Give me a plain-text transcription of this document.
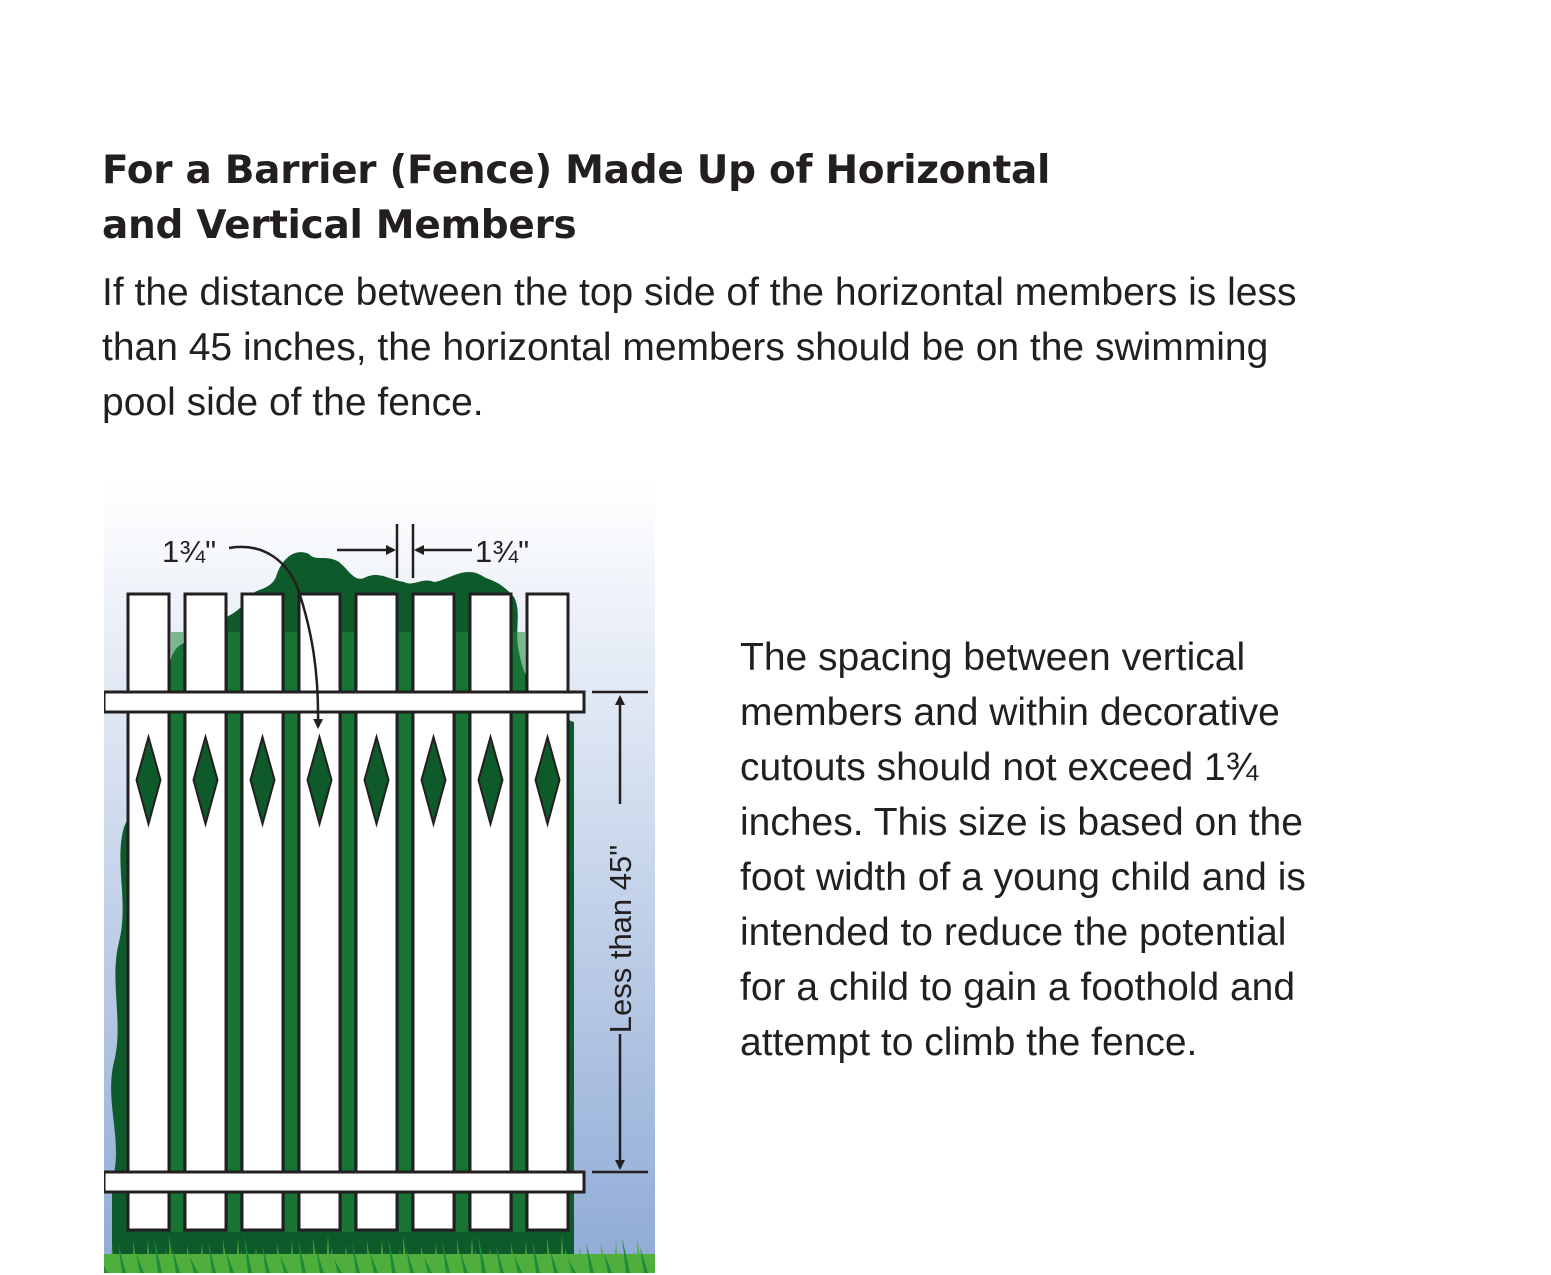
For a Barrier (Fence) Made Up of Horizontal
and Vertical Members

If the distance between the top side of the horizontal members is less
than 45 inches, the horizontal members should be on the swimming
pool side of the fence.

1¾"	1¾"
Less than 45"

The spacing between vertical
members and within decorative
cutouts should not exceed 1¾
inches. This size is based on the
foot width of a young child and is
intended to reduce the potential
for a child to gain a foothold and
attempt to climb the fence.
